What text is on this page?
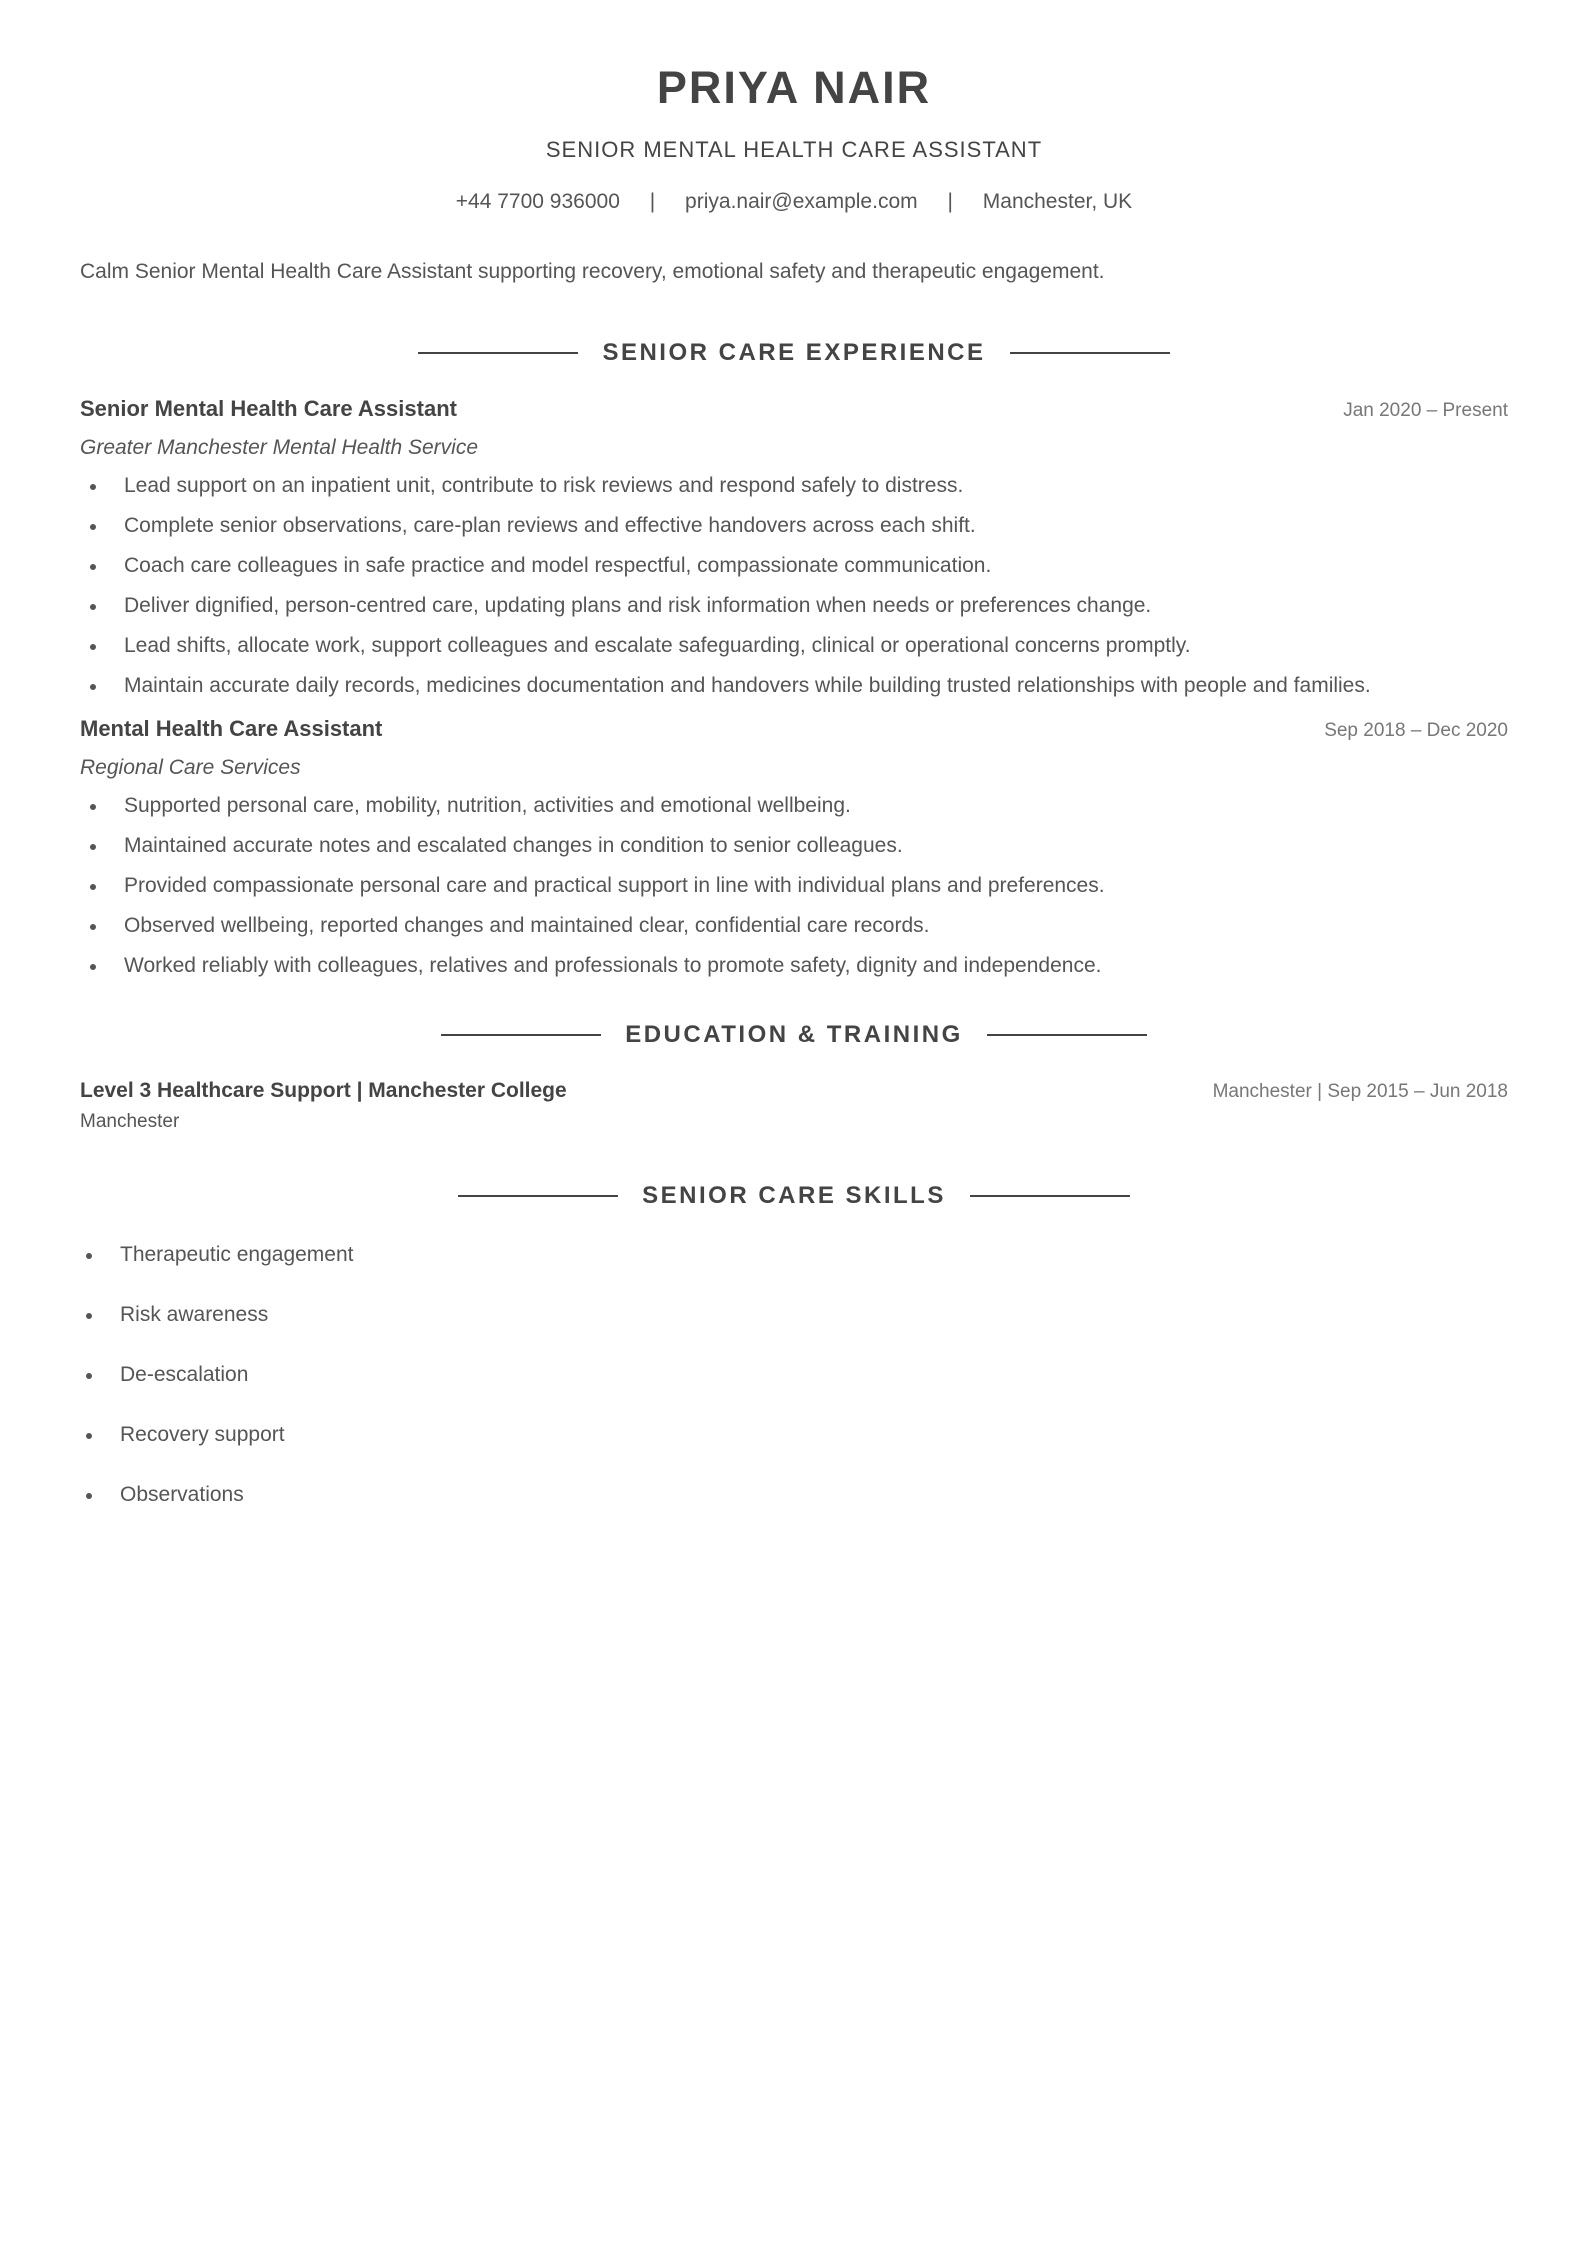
PRIYA NAIR
SENIOR MENTAL HEALTH CARE ASSISTANT
+44 7700 936000 | priya.nair@example.com | Manchester, UK
Calm Senior Mental Health Care Assistant supporting recovery, emotional safety and therapeutic engagement.
SENIOR CARE EXPERIENCE
Senior Mental Health Care Assistant	Jan 2020 – Present
Greater Manchester Mental Health Service
Lead support on an inpatient unit, contribute to risk reviews and respond safely to distress.
Complete senior observations, care-plan reviews and effective handovers across each shift.
Coach care colleagues in safe practice and model respectful, compassionate communication.
Deliver dignified, person-centred care, updating plans and risk information when needs or preferences change.
Lead shifts, allocate work, support colleagues and escalate safeguarding, clinical or operational concerns promptly.
Maintain accurate daily records, medicines documentation and handovers while building trusted relationships with people and families.
Mental Health Care Assistant	Sep 2018 – Dec 2020
Regional Care Services
Supported personal care, mobility, nutrition, activities and emotional wellbeing.
Maintained accurate notes and escalated changes in condition to senior colleagues.
Provided compassionate personal care and practical support in line with individual plans and preferences.
Observed wellbeing, reported changes and maintained clear, confidential care records.
Worked reliably with colleagues, relatives and professionals to promote safety, dignity and independence.
EDUCATION & TRAINING
Level 3 Healthcare Support | Manchester College	Manchester | Sep 2015 – Jun 2018
Manchester
SENIOR CARE SKILLS
Therapeutic engagement
Risk awareness
De-escalation
Recovery support
Observations
